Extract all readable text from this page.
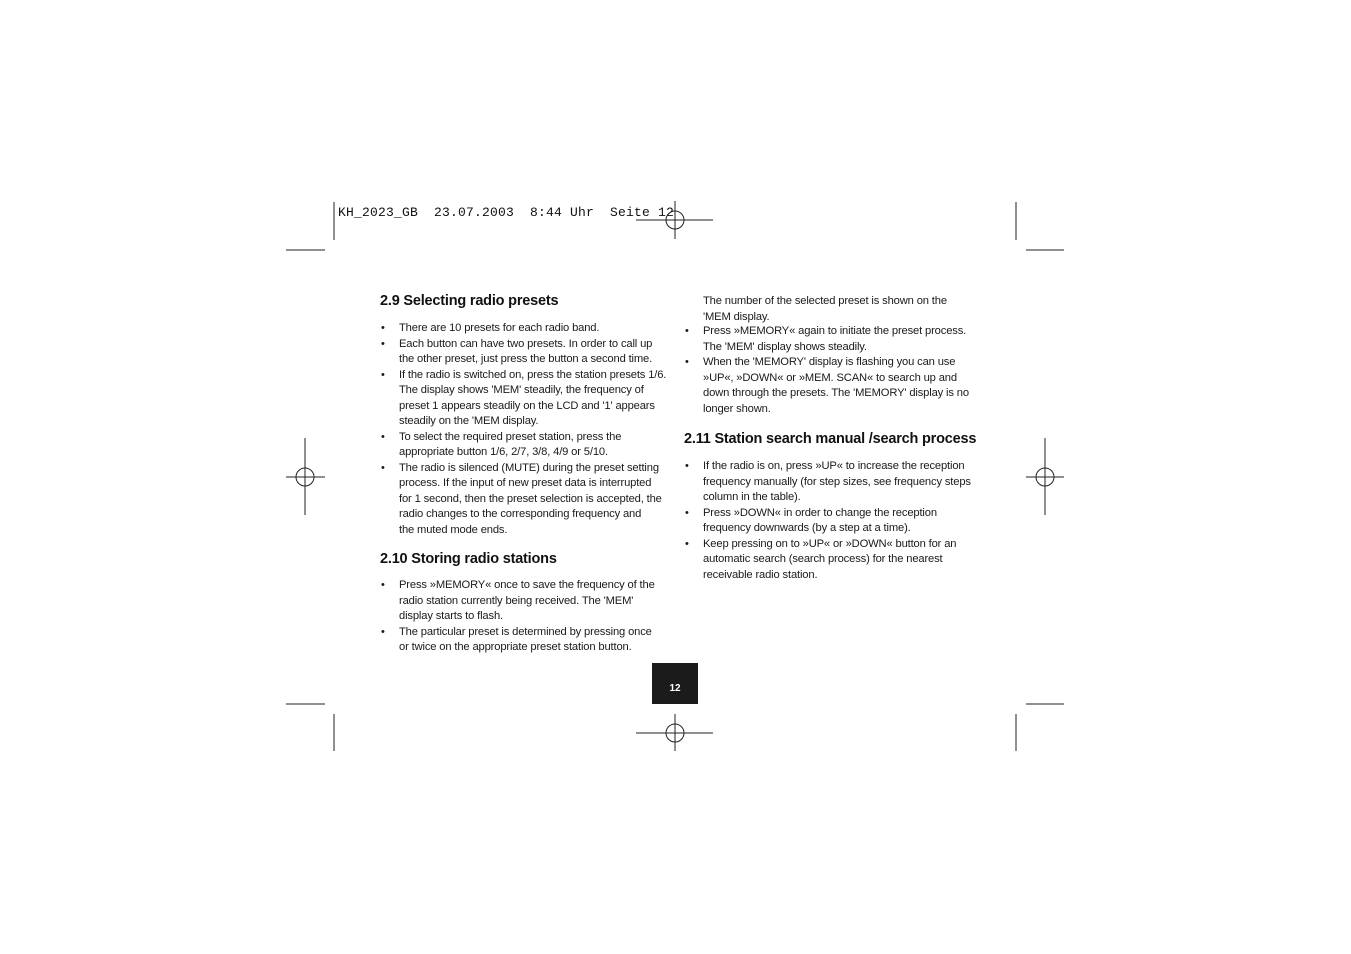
KH_2023_GB  23.07.2003  8:44 Uhr  Seite 12
2.9 Selecting radio presets
• There are 10 presets for each radio band.
• Each button can have two presets. In order to call up
the other preset, just press the button a second time.
• If the radio is switched on, press the station presets 1/6.
The display shows 'MEM' steadily, the frequency of
preset 1 appears steadily on the LCD and '1' appears
steadily on the 'MEM display.
• To select the required preset station, press the
appropriate button 1/6, 2/7, 3/8, 4/9 or 5/10.
• The radio is silenced (MUTE) during the preset setting
process. If the input of new preset data is interrupted
for 1 second, then the preset selection is accepted, the
radio changes to the corresponding frequency and
the muted mode ends.
2.10 Storing radio stations
• Press »MEMORY« once to save the frequency of the
radio station currently being received. The 'MEM'
display starts to flash.
• The particular preset is determined by pressing once
or twice on the appropriate preset station button.
The number of the selected preset is shown on the
'MEM display.
• Press »MEMORY« again to initiate the preset process.
The 'MEM' display shows steadily.
• When the 'MEMORY' display is flashing you can use
»UP«, »DOWN« or »MEM. SCAN« to search up and
down through the presets. The 'MEMORY' display is no
longer shown.
2.11 Station search manual /search process
• If the radio is on, press »UP« to increase the reception
frequency manually (for step sizes, see frequency steps
column in the table).
• Press »DOWN« in order to change the reception
frequency downwards (by a step at a time).
• Keep pressing on to »UP« or »DOWN« button for an
automatic search (search process) for the nearest
receivable radio station.
12
